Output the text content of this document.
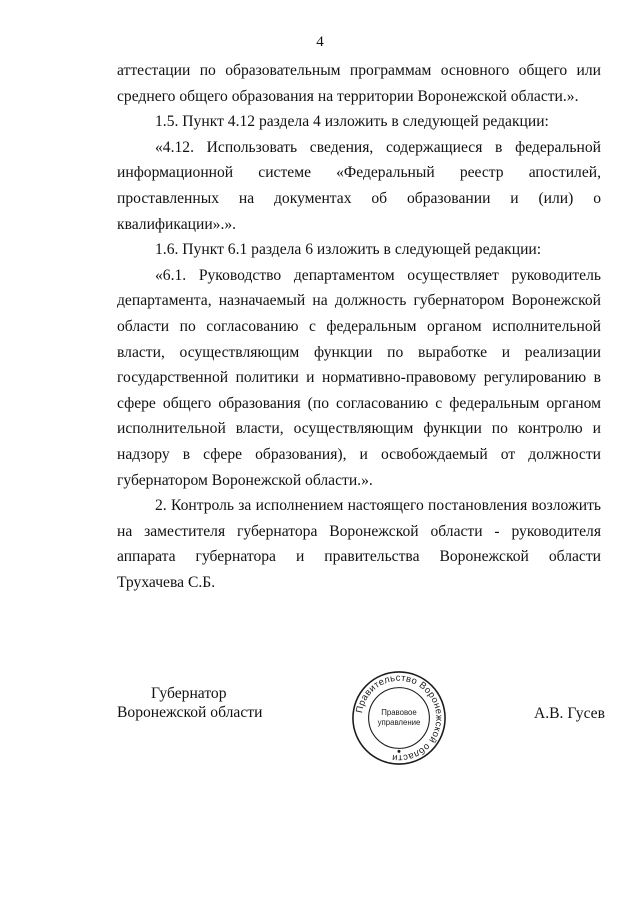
4

аттестации по образовательным программам основного общего или

среднего общего образования на территории Воронежской области.».

1.5. Пункт 4.12 раздела 4 изложить в следующей редакции:

«4.12. Использовать сведения, содержащиеся в федеральной

информационной системе «Федеральный реестр апостилей,

проставленных на документах об образовании и (или) о

квалификации».».

1.6. Пункт 6.1 раздела 6 изложить в следующей редакции:

«6.1. Руководство департаментом осуществляет руководитель

департамента, назначаемый на должность губернатором Воронежской

области по согласованию с федеральным органом исполнительной

власти, осуществляющим функции по выработке и реализации

государственной политики и нормативно-правовому регулированию в

сфере общего образования (по согласованию с федеральным органом

исполнительной власти, осуществляющим функции по контролю и

надзору в сфере образования), и освобождаемый от должности

губернатором Воронежской области.».

2. Контроль за исполнением настоящего постановления возложить

на заместителя губернатора Воронежской области - руководителя

аппарата губернатора и правительства Воронежской области

Трухачева С.Б.

Губернатор
Воронежской области	Правительство Воронежской области
Правовое
управление
А.В. Гусев
